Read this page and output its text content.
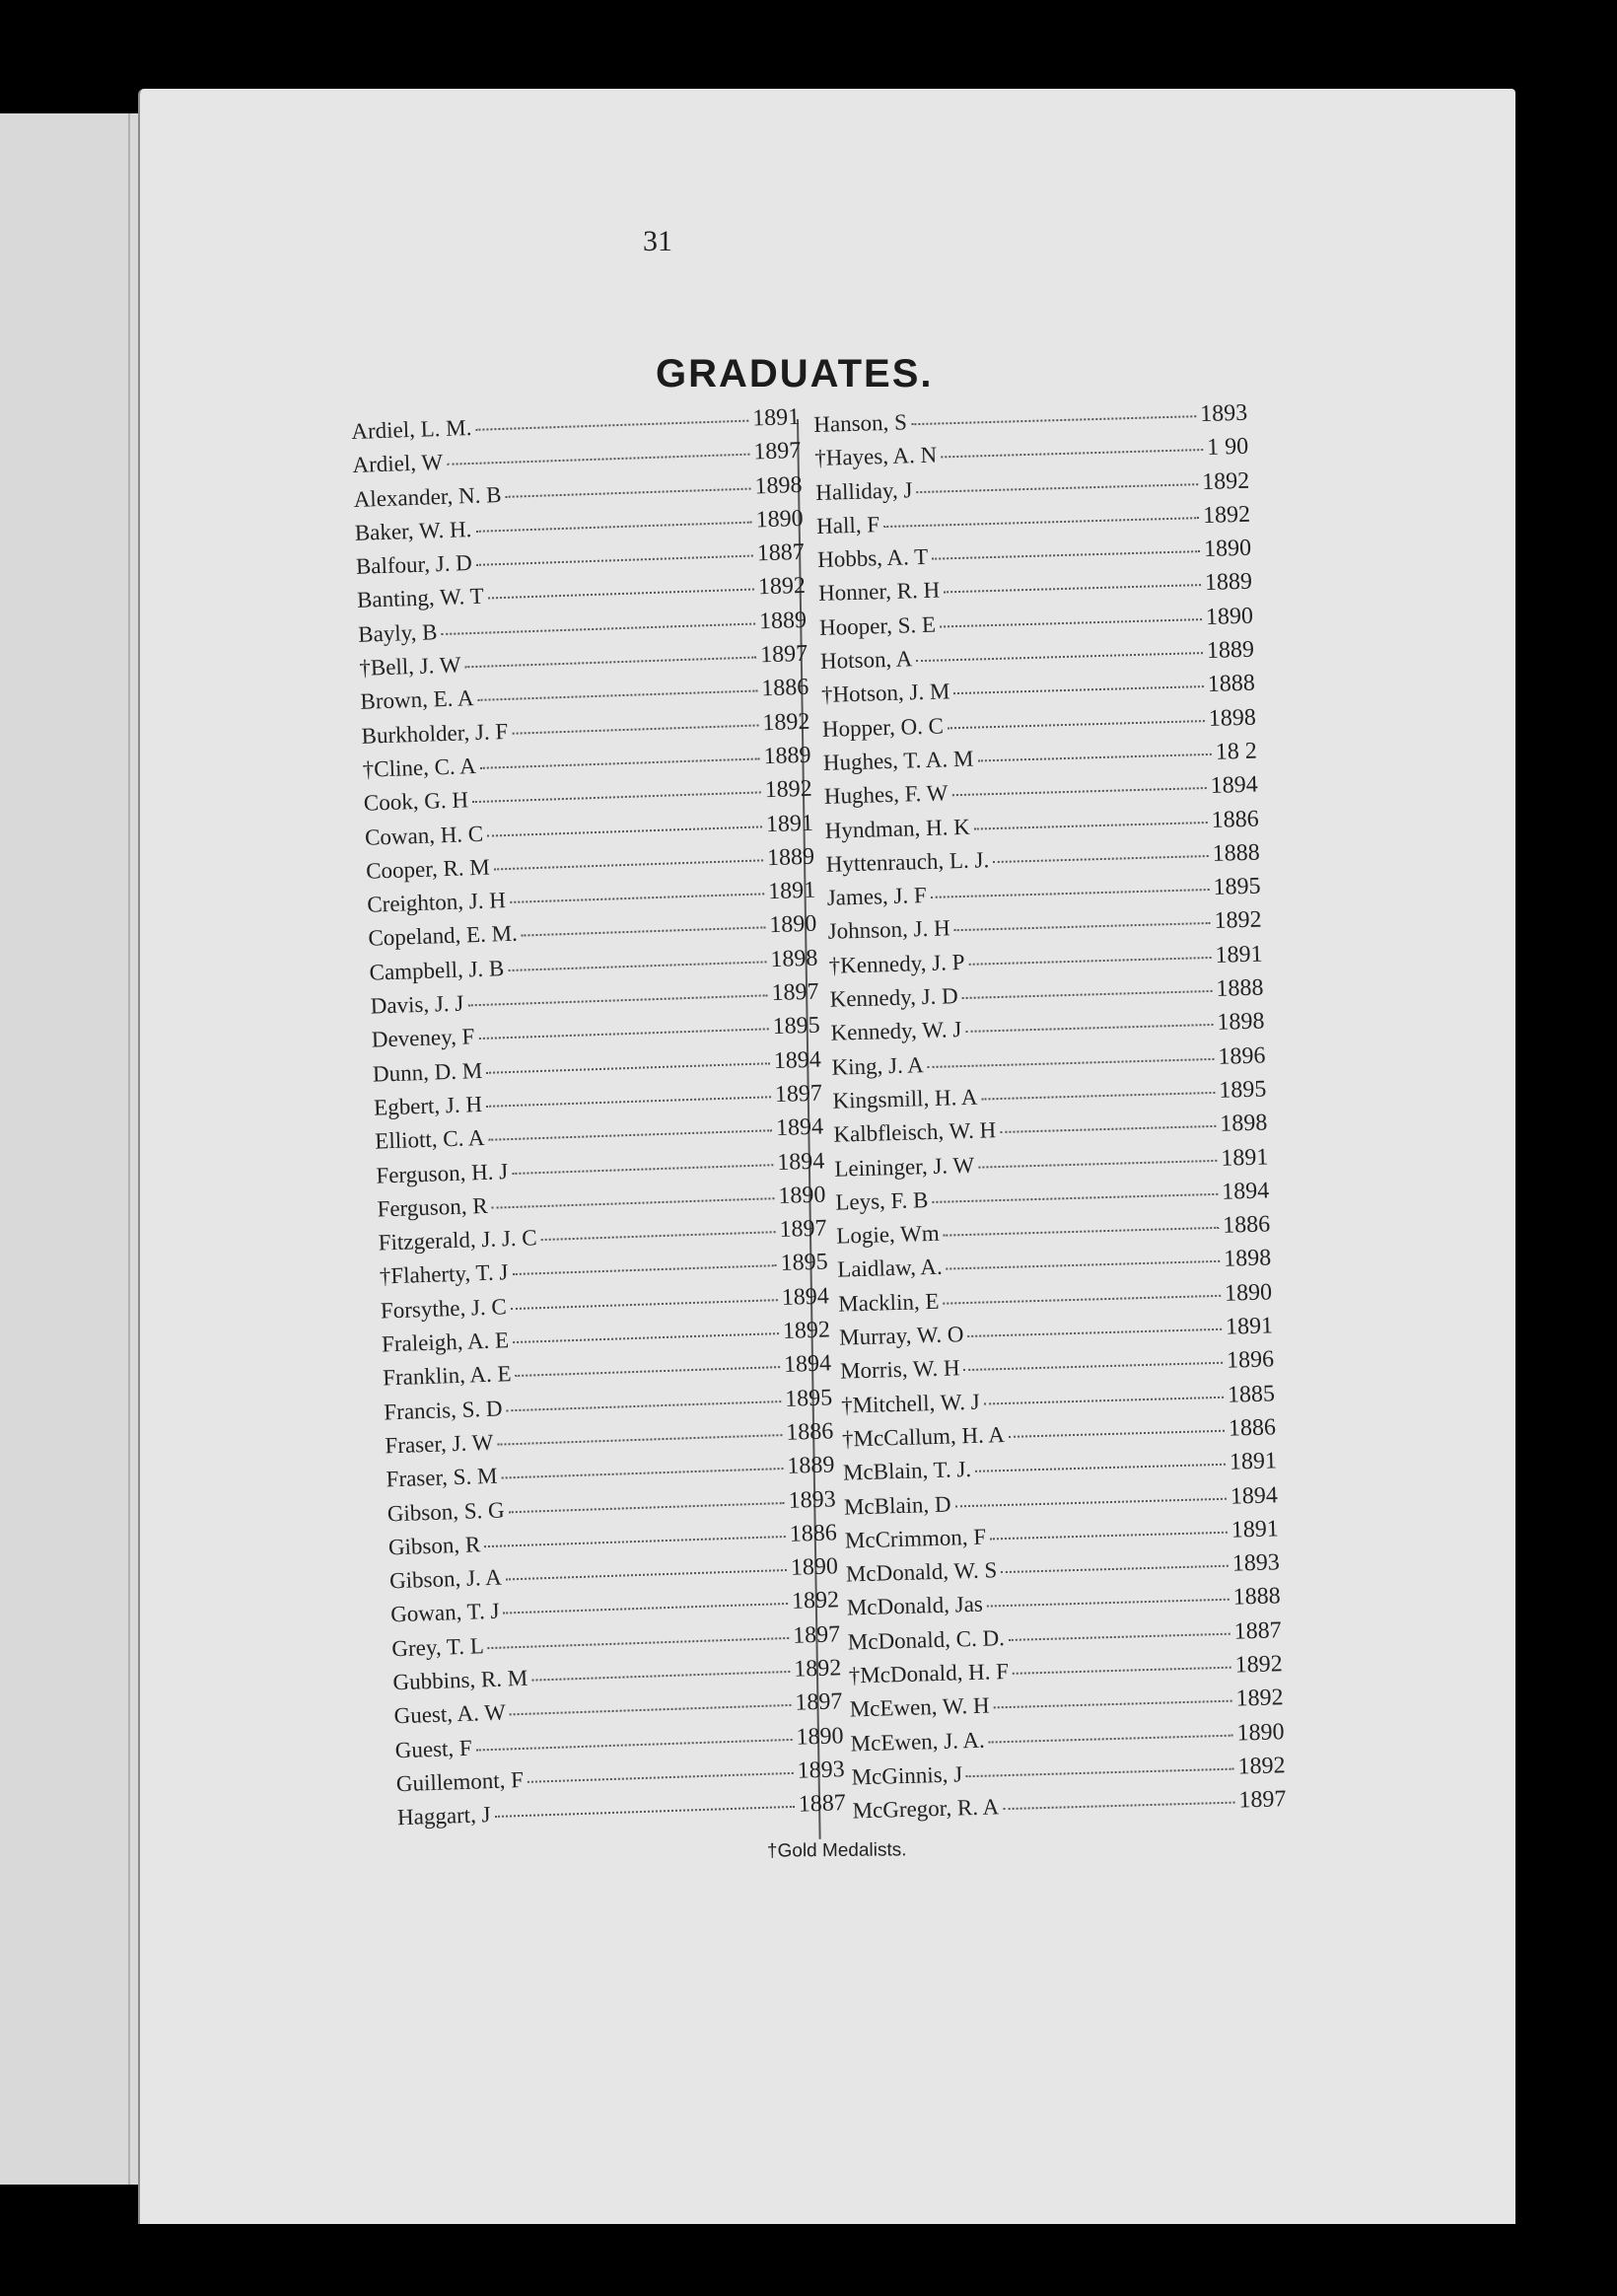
31
GRADUATES.
Ardiel, L. M.	1891
Ardiel, W	1897
Alexander, N. B	1898
Baker, W. H.	1890
Balfour, J. D	1887
Banting, W. T	1892
Bayly, B	1889
†Bell, J. W	1897
Brown, E. A	1886
Burkholder, J. F	1892
†Cline, C. A	1889
Cook, G. H	1892
Cowan, H. C	1891
Cooper, R. M	1889
Creighton, J. H	1891
Copeland, E. M.	1890
Campbell, J. B	1898
Davis, J. J	1897
Deveney, F	1895
Dunn, D. M	1894
Egbert, J. H	1897
Elliott, C. A	1894
Ferguson, H. J	1894
Ferguson, R	1890
Fitzgerald, J. J. C	1897
†Flaherty, T. J	1895
Forsythe, J. C	1894
Fraleigh, A. E	1892
Franklin, A. E	1894
Francis, S. D	1895
Fraser, J. W	1886
Fraser, S. M	1889
Gibson, S. G	1893
Gibson, R	1886
Gibson, J. A	1890
Gowan, T. J	1892
Grey, T. L	1897
Gubbins, R. M	1892
Guest, A. W	1897
Guest, F	1890
Guillemont, F	1893
Haggart, J	1887
Hanson, S	1893
†Hayes, A. N	1 90
Halliday, J	1892
Hall, F	1892
Hobbs, A. T	1890
Honner, R. H	1889
Hooper, S. E	1890
Hotson, A	1889
†Hotson, J. M	1888
Hopper, O. C	1898
Hughes, T. A. M	18 2
Hughes, F. W	1894
Hyndman, H. K	1886
Hyttenrauch, L. J.	1888
James, J. F	1895
Johnson, J. H	1892
†Kennedy, J. P	1891
Kennedy, J. D	1888
Kennedy, W. J	1898
King, J. A	1896
Kingsmill, H. A	1895
Kalbfleisch, W. H	1898
Leininger, J. W	1891
Leys, F. B	1894
Logie, Wm	1886
Laidlaw, A.	1898
Macklin, E	1890
Murray, W. O	1891
Morris, W. H	1896
†Mitchell, W. J	1885
†McCallum, H. A	1886
McBlain, T. J.	1891
McBlain, D	1894
McCrimmon, F	1891
McDonald, W. S	1893
McDonald, Jas	1888
McDonald, C. D.	1887
†McDonald, H. F	1892
McEwen, W. H	1892
McEwen, J. A.	1890
McGinnis, J	1892
McGregor, R. A	1897
†Gold Medalists.
